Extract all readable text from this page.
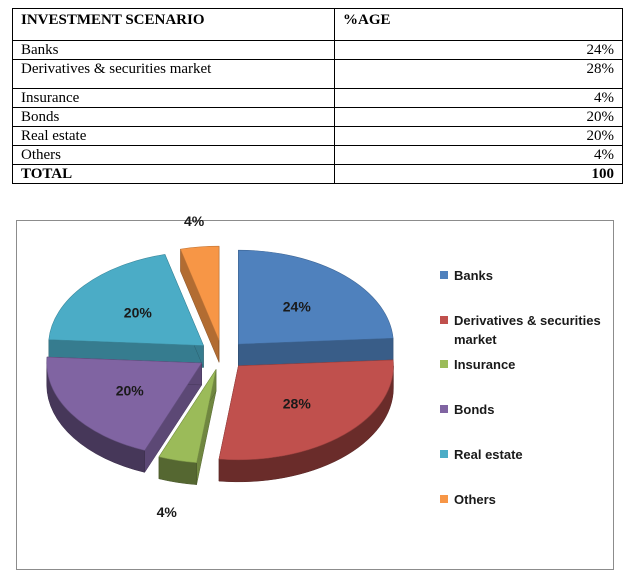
INVESTMENT SCENARIO	%AGE
Banks	24%
Derivatives & securities market	28%
Insurance	4%
Bonds	20%
Real estate	20%
Others	4%
TOTAL	100
24%
28%
4%
20%
20%
4%
Banks
Derivatives & securities market
Insurance
Bonds
Real estate
Others
